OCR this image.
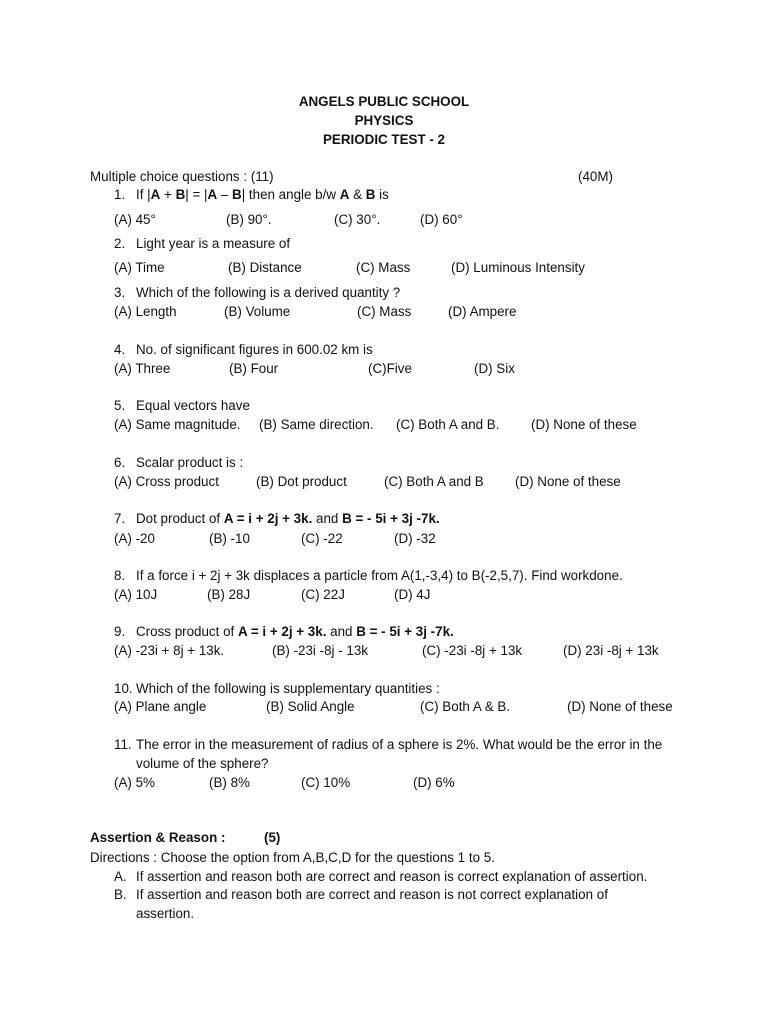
ANGELS PUBLIC SCHOOL
PHYSICS
PERIODIC TEST - 2
Multiple choice questions : (11)	(40M)
1. If |A + B| = |A – B| then angle b/w A & B is
(A) 45°	(B) 90°.	(C) 30°.	(D) 60°
2. Light year is a measure of
(A) Time	(B) Distance	(C) Mass	(D) Luminous Intensity
3. Which of the following is a derived quantity ?
(A) Length	(B) Volume	(C) Mass	(D) Ampere
4. No. of significant figures in 600.02 km is
(A) Three	(B) Four	(C)Five	(D) Six
5. Equal vectors have
(A) Same magnitude. (B) Same direction. (C) Both A and B. (D) None of these
6. Scalar product is :
(A) Cross product	(B) Dot product	(C) Both A and B (D) None of these
7. Dot product of A = i + 2j + 3k. and B = - 5i + 3j -7k.
(A) -20	(B) -10	(C) -22	(D) -32
8. If a force i + 2j + 3k displaces a particle from A(1,-3,4) to B(-2,5,7). Find workdone.
(A) 10J	(B) 28J	(C) 22J	(D) 4J
9. Cross product of A = i + 2j + 3k. and B = - 5i + 3j -7k.
(A) -23i + 8j + 13k.	(B) -23i -8j - 13k	(C) -23i -8j + 13k	(D) 23i -8j + 13k
10. Which of the following is supplementary quantities :
(A) Plane angle	(B) Solid Angle	(C) Both A & B.	(D) None of these
11. The error in the measurement of radius of a sphere is 2%. What would be the error in the
volume of the sphere?
(A) 5%	(B) 8%	(C) 10%	(D) 6%
Assertion & Reason :	(5)
Directions : Choose the option from A,B,C,D for the questions 1 to 5.
A. If assertion and reason both are correct and reason is correct explanation of assertion.
B. If assertion and reason both are correct and reason is not correct explanation of
assertion.
